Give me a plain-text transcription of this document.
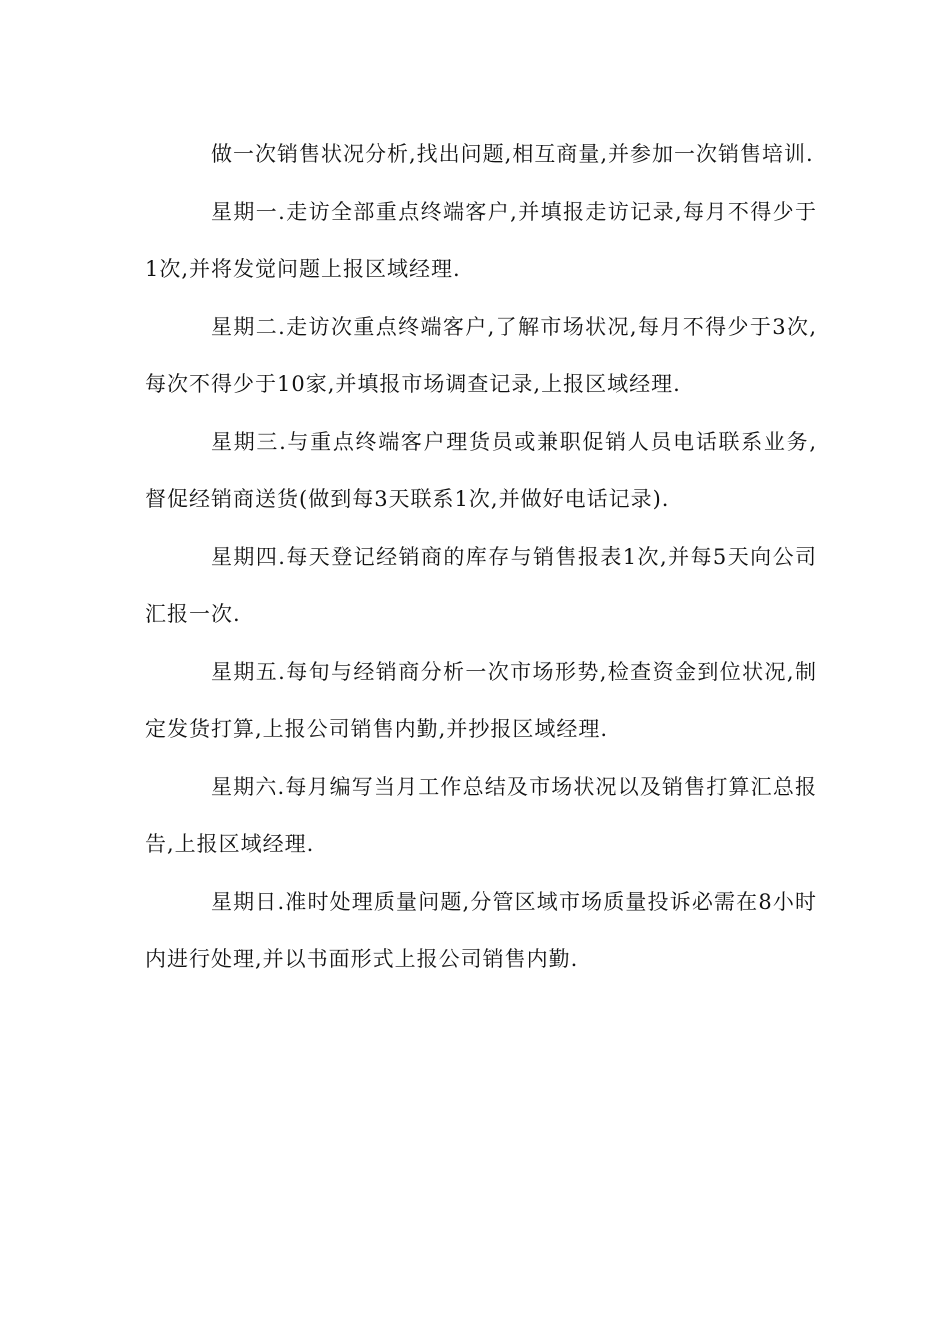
做一次销售状况分析,找出问题,相互商量,并参加一次销售培训.

星期一.走访全部重点终端客户,并填报走访记录,每月不得少于1次,并将发觉问题上报区域经理.

星期二.走访次重点终端客户,了解市场状况,每月不得少于3次,每次不得少于10家,并填报市场调查记录,上报区域经理.

星期三.与重点终端客户理货员或兼职促销人员电话联系业务,督促经销商送货(做到每3天联系1次,并做好电话记录).

星期四.每天登记经销商的库存与销售报表1次,并每5天向公司汇报一次.

星期五.每旬与经销商分析一次市场形势,检查资金到位状况,制定发货打算,上报公司销售内勤,并抄报区域经理.

星期六.每月编写当月工作总结及市场状况以及销售打算汇总报告,上报区域经理.

星期日.准时处理质量问题,分管区域市场质量投诉必需在8小时内进行处理,并以书面形式上报公司销售内勤.
